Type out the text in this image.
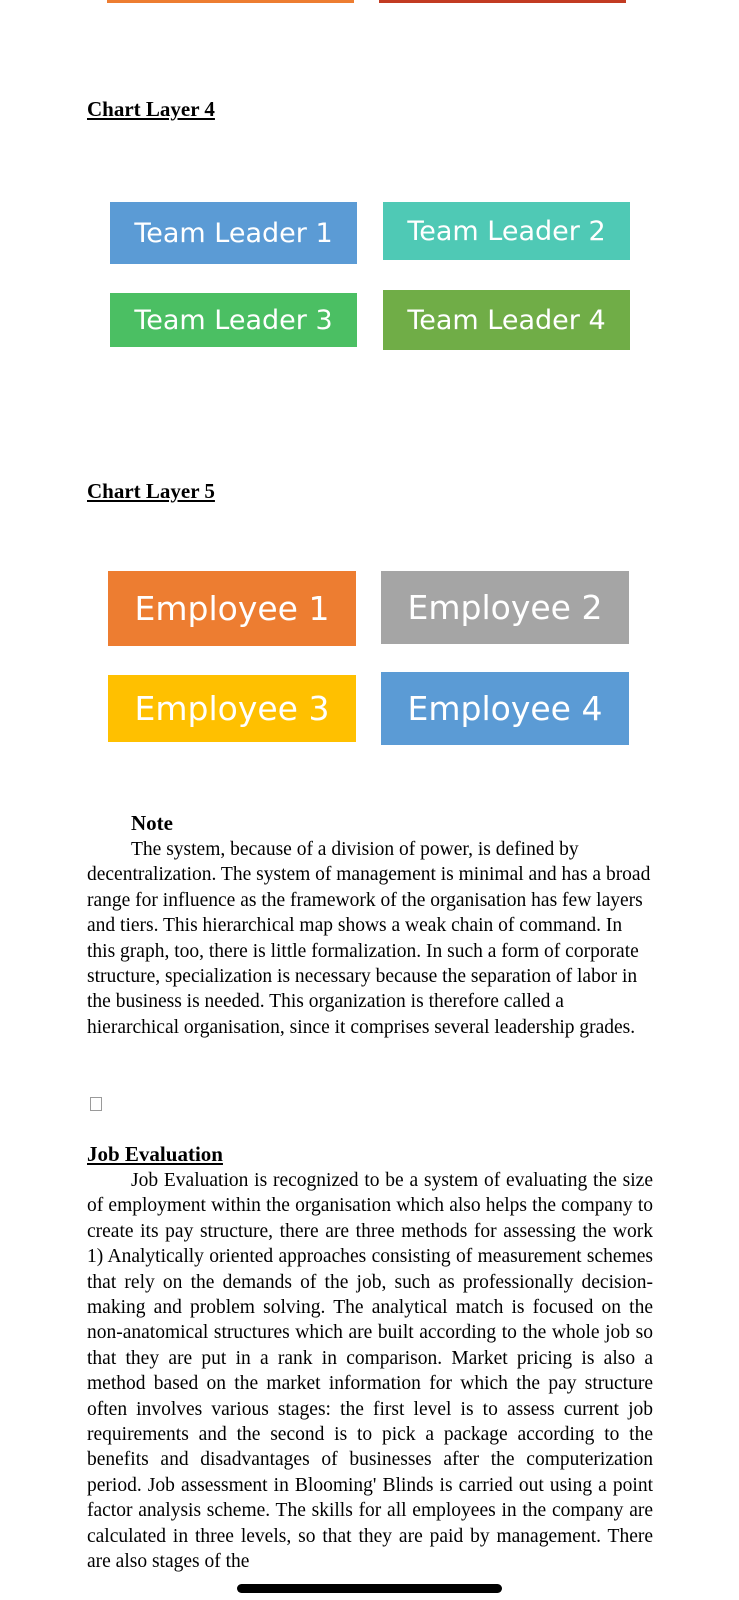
Chart Layer 4
Team Leader 1	Team Leader 2
Team Leader 3	Team Leader 4
Chart Layer 5
Employee 1 Employee 2
Employee 3 Employee 4
Note

The system, because of a division of power, is defined by decentralization. The system of management is minimal and has a broad range for influence as the framework of the organisation has few layers and tiers. This hierarchical map shows a weak chain of command. In this graph, too, there is little formalization. In such a form of corporate structure, specialization is necessary because the separation of labor in the business is needed. This organization is therefore called a hierarchical organisation, since it comprises several leadership grades.

Job Evaluation

Job Evaluation is recognized to be a system of evaluating the size of employment within the organisation which also helps the company to create its pay structure, there are three methods for assessing the work 1) Analytically oriented approaches consisting of measurement schemes that rely on the demands of the job, such as professionally decision-making and problem solving. The analytical match is focused on the non-anatomical structures which are built according to the whole job so that they are put in a rank in comparison. Market pricing is also a method based on the market information for which the pay structure often involves various stages: the first level is to assess current job requirements and the second is to pick a package according to the benefits and disadvantages of businesses after the computerization period. Job assessment in Blooming' Blinds is carried out using a point factor analysis scheme. The skills for all employees in the company are calculated in three levels, so that they are paid by management. There are also stages of the
